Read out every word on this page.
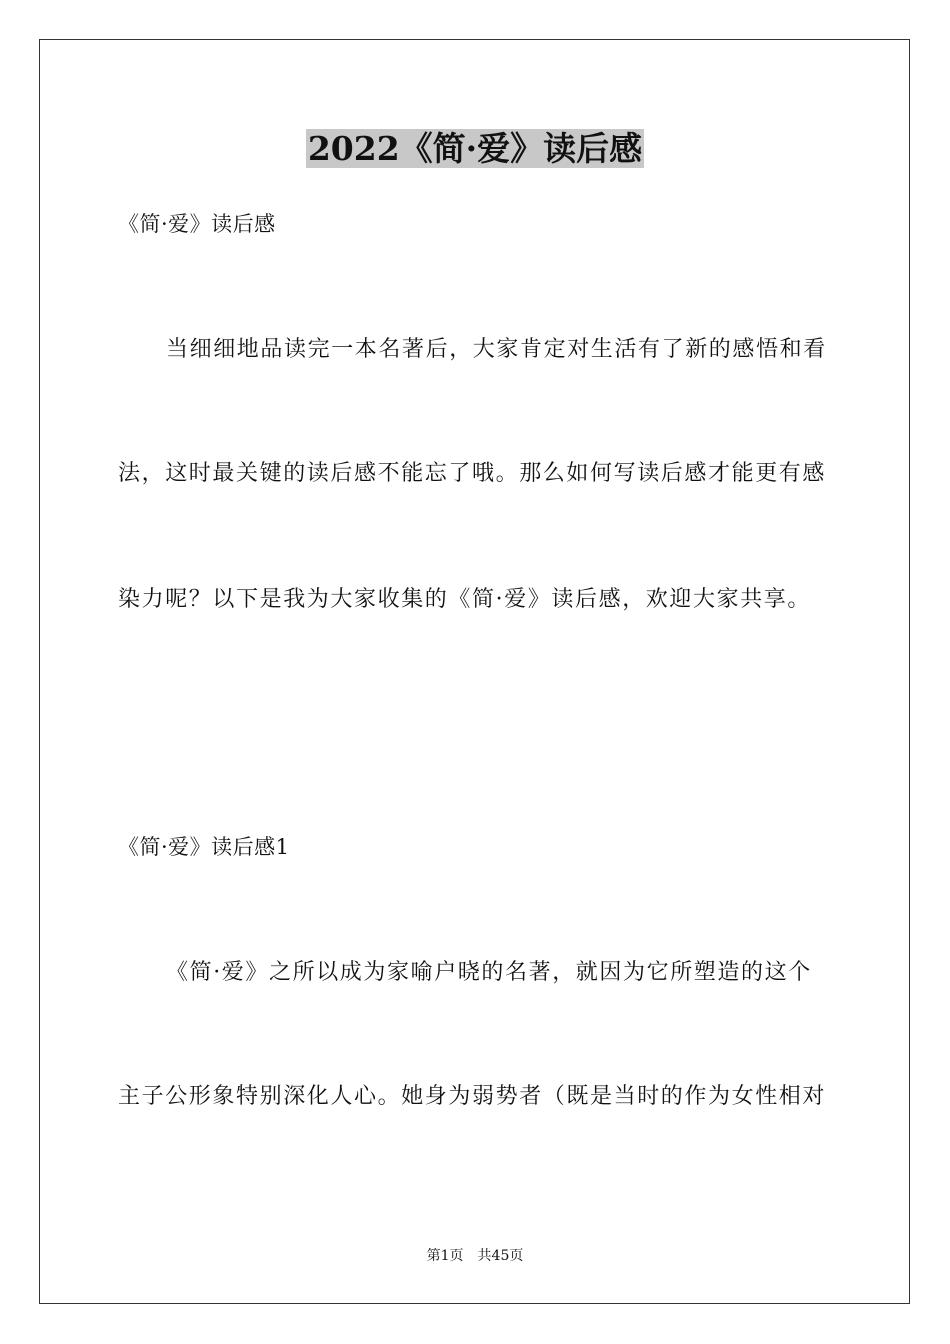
2022《简·爱》读后感
《简·爱》读后感
当细细地品读完一本名著后，大家肯定对生活有了新的感悟和看
法，这时最关键的读后感不能忘了哦。那么如何写读后感才能更有感
染力呢？以下是我为大家收集的《简·爱》读后感，欢迎大家共享。
《简·爱》读后感1
《简·爱》之所以成为家喻户晓的名著，就因为它所塑造的这个
主子公形象特别深化人心。她身为弱势者（既是当时的作为女性相对
第1页 共45页
